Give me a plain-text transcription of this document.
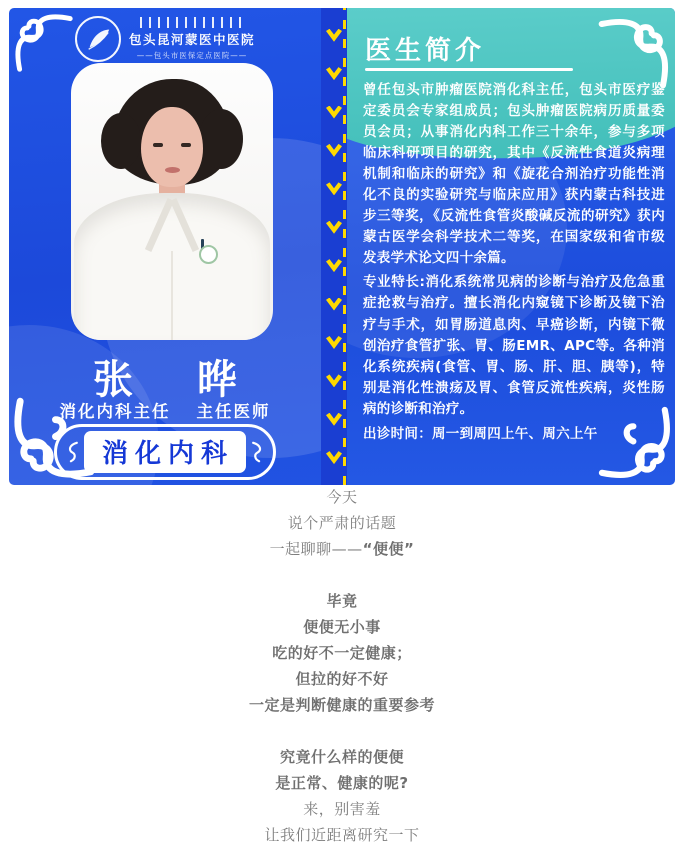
包头昆河蒙医中医院
——包头市医保定点医院——
张　晔
消化内科主任 主任医师
消化内科
医生简介

曾任包头市肿瘤医院消化科主任，包头市医疗鉴定委员会专家组成员；包头肿瘤医院病历质量委员会员；从事消化内科工作三十余年，参与多项临床科研项目的研究，其中《反流性食道炎病理机制和临床的研究》和《旋花合剂治疗功能性消化不良的实验研究与临床应用》获内蒙古科技进步三等奖，《反流性食管炎酸碱反流的研究》获内蒙古医学会科学技术二等奖，在国家级和省市级发表学术论文四十余篇。

专业特长:消化系统常见病的诊断与治疗及危急重症抢救与治疗。擅长消化内窥镜下诊断及镜下治疗与手术，如胃肠道息肉、早癌诊断，内镜下微创治疗食管扩张、胃、肠EMR、APC等。各种消化系统疾病(食管、胃、肠、肝、胆、胰等)，特别是消化性溃疡及胃、食管反流性疾病，炎性肠病的诊断和治疗。

出诊时间：周一到周四上午、周六上午

今天
说个严肃的话题
一起聊聊—— “便便”
毕竟
便便无小事
吃的好不一定健康；
但拉的好不好
一定是判断健康的重要参考
究竟什么样的便便
是正常、健康的呢?
来，别害羞
让我们近距离研究一下
